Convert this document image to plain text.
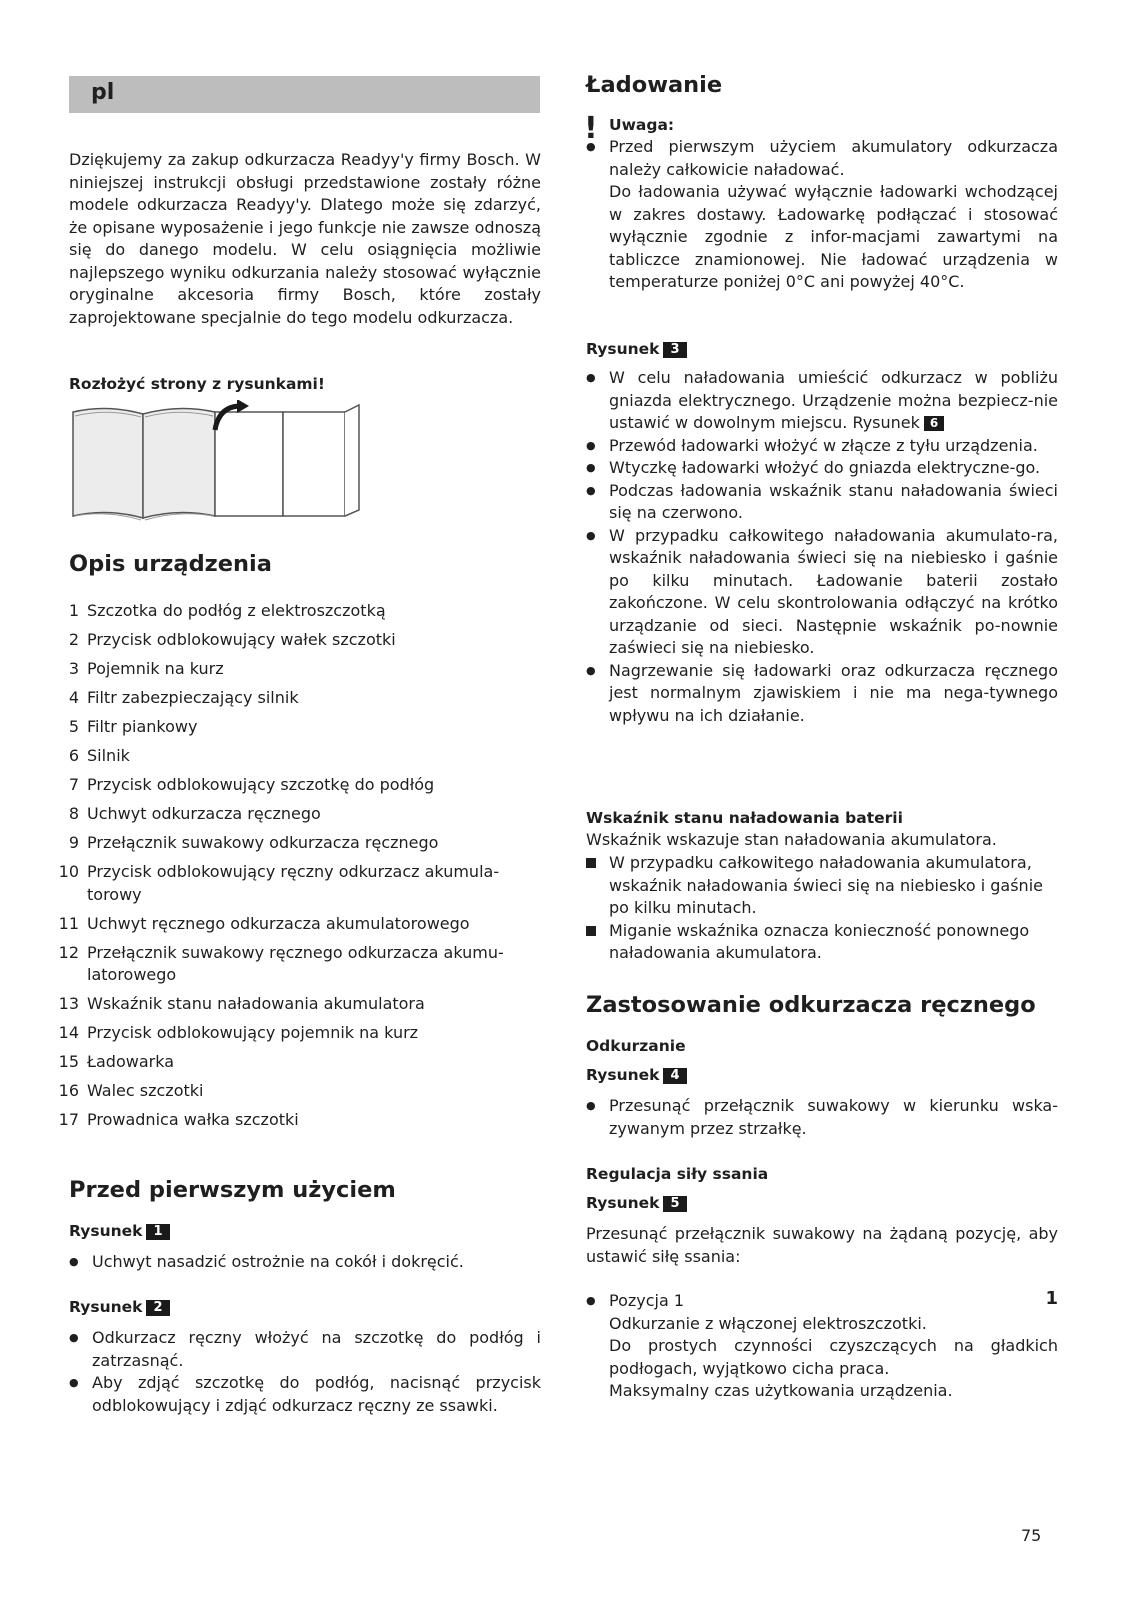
pl

Dziękujemy za zakup odkurzacza Readyy'y firmy Bosch. W niniejszej instrukcji obsługi przedstawione zostały różne modele odkurzacza Readyy'y. Dlatego może się zdarzyć, że opisane wyposażenie i jego funkcje nie zawsze odnoszą się do danego modelu. W celu osiągnięcia możliwie najlepszego wyniku odkurzania należy stosować wyłącznie oryginalne akcesoria firmy Bosch, które zostały zaprojektowane specjalnie do tego modelu odkurzacza.

Rozłożyć strony z rysunkami!
Opis urządzenia
1 Szczotka do podłóg z elektroszczotką
2 Przycisk odblokowujący wałek szczotki
3 Pojemnik na kurz
4 Filtr zabezpieczający silnik
5 Filtr piankowy
6 Silnik
7 Przycisk odblokowujący szczotkę do podłóg
8 Uchwyt odkurzacza ręcznego
9 Przełącznik suwakowy odkurzacza ręcznego
10 Przycisk odblokowujący ręczny odkurzacz akumula-torowy
11 Uchwyt ręcznego odkurzacza akumulatorowego
12 Przełącznik suwakowy ręcznego odkurzacza akumu-latorowego
13 Wskaźnik stanu naładowania akumulatora
14 Przycisk odblokowujący pojemnik na kurz
15 Ładowarka
16 Walec szczotki
17 Prowadnica wałka szczotki
Przed pierwszym użyciem
Rysunek 1
● Uchwyt nasadzić ostrożnie na cokół i dokręcić.
Rysunek 2
● Odkurzacz ręczny włożyć na szczotkę do podłóg i zatrzasnąć.
● Aby zdjąć szczotkę do podłóg, nacisnąć przycisk odblokowujący i zdjąć odkurzacz ręczny ze ssawki.
Ładowanie
! Uwaga:
● Przed pierwszym użyciem akumulatory odkurzacza należy całkowicie naładować.

Do ładowania używać wyłącznie ładowarki wchodzącej w zakres dostawy. Ładowarkę podłączać i stosować wyłącznie zgodnie z infor-macjami zawartymi na tabliczce znamionowej. Nie ładować urządzenia w temperaturze poniżej 0°C ani powyżej 40°C.

Rysunek 3
● W celu naładowania umieścić odkurzacz w pobliżu gniazda elektrycznego. Urządzenie można bezpiecz-nie ustawić w dowolnym miejscu. Rysunek 6
● Przewód ładowarki włożyć w złącze z tyłu urządzenia.
● Wtyczkę ładowarki włożyć do gniazda elektryczne-go.
● Podczas ładowania wskaźnik stanu naładowania świeci się na czerwono.
● W przypadku całkowitego naładowania akumulato-ra, wskaźnik naładowania świeci się na niebiesko i gaśnie po kilku minutach. Ładowanie baterii zostało zakończone. W celu skontrolowania odłączyć na krótko urządzanie od sieci. Następnie wskaźnik po-nownie zaświeci się na niebiesko.
● Nagrzewanie się ładowarki oraz odkurzacza ręcznego jest normalnym zjawiskiem i nie ma nega-tywnego wpływu na ich działanie.
Wskaźnik stanu naładowania baterii

Wskaźnik wskazuje stan naładowania akumulatora.

W przypadku całkowitego naładowania akumulatora, wskaźnik naładowania świeci się na niebiesko i gaśnie po kilku minutach.
Miganie wskaźnika oznacza konieczność ponownego naładowania akumulatora.
Zastosowanie odkurzacza ręcznego
Odkurzanie
Rysunek 4
● Przesunąć przełącznik suwakowy w kierunku wska-zywanym przez strzałkę.
Regulacja siły ssania
Rysunek 5

Przesunąć przełącznik suwakowy na żądaną pozycję, aby ustawić siłę ssania:

● Pozycja 1	1

Odkurzanie z włączonej elektroszczotki.

Do prostych czynności czyszczących na gładkich podłogach, wyjątkowo cicha praca.

Maksymalny czas użytkowania urządzenia.

75
